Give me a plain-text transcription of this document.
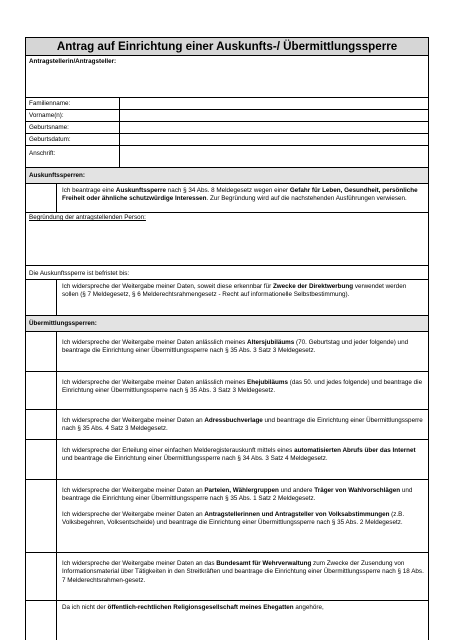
Antrag auf Einrichtung einer Auskunfts-/ Übermittlungssperre
Antragstellerin/Antragsteller:
Familienname:
Vorname(n):
Geburtsname:
Geburtsdatum:
Anschrift:
Auskunftssperren:
Ich beantrage eine Auskunftssperre nach § 34 Abs. 8 Meldegesetz wegen einer Gefahr für Leben, Gesundheit, persönliche Freiheit oder ähnliche schutzwürdige Interessen. Zur Begründung wird auf die nachstehenden Ausführungen verwiesen.
Begründung der antragstellenden Person:
Die Auskunftssperre ist befristet bis:
Ich widerspreche der Weitergabe meiner Daten, soweit diese erkennbar für Zwecke der Direktwerbung verwendet werden sollen (§ 7 Meldegesetz, § 6 Melderechtsrahmengesetz - Recht auf informationelle Selbstbestimmung).
Übermittlungssperren:
Ich widerspreche der Weitergabe meiner Daten anlässlich meines Altersjubiläums (70. Geburtstag und jeder folgende) und beantrage die Einrichtung einer Übermittlungssperre nach § 35 Abs. 3 Satz 3 Meldegesetz.
Ich widerspreche der Weitergabe meiner Daten anlässlich meines Ehejubiläums (das 50. und jedes folgende) und beantrage die Einrichtung einer Übermittlungssperre nach § 35 Abs. 3 Satz 3 Meldegesetz.
Ich widerspreche der Weitergabe meiner Daten an Adressbuchverlage und beantrage die Einrichtung einer Übermittlungssperre nach § 35 Abs. 4 Satz 3 Meldegesetz.
Ich widerspreche der Erteilung einer einfachen Melderegisterauskunft mittels eines automatisierten Abrufs über das Internet und beantrage die Einrichtung einer Übermittlungssperre nach § 34 Abs. 3 Satz 4 Meldegesetz.
Ich widerspreche der Weitergabe meiner Daten an Parteien, Wählergruppen und andere Träger von Wahlvorschlägen und beantrage die Einrichtung einer Übermittlungssperre nach § 35 Abs. 1 Satz 2 Meldegesetz.
Ich widerspreche der Weitergabe meiner Daten an Antragstellerinnen und Antragsteller von Volksabstimmungen (z.B. Volksbegehren, Volksentscheide) und beantrage die Einrichtung einer Übermittlungssperre nach § 35 Abs. 2 Meldegesetz.
Ich widerspreche der Weitergabe meiner Daten an das Bundesamt für Wehrverwaltung zum Zwecke der Zusendung von Informationsmaterial über Tätigkeiten in den Streitkräften und beantrage die Einrichtung einer Übermittlungssperre nach § 18 Abs. 7 Melderechtsrahmen-gesetz.
Da ich nicht der öffentlich-rechtlichen Religionsgesellschaft meines Ehegatten angehöre,
